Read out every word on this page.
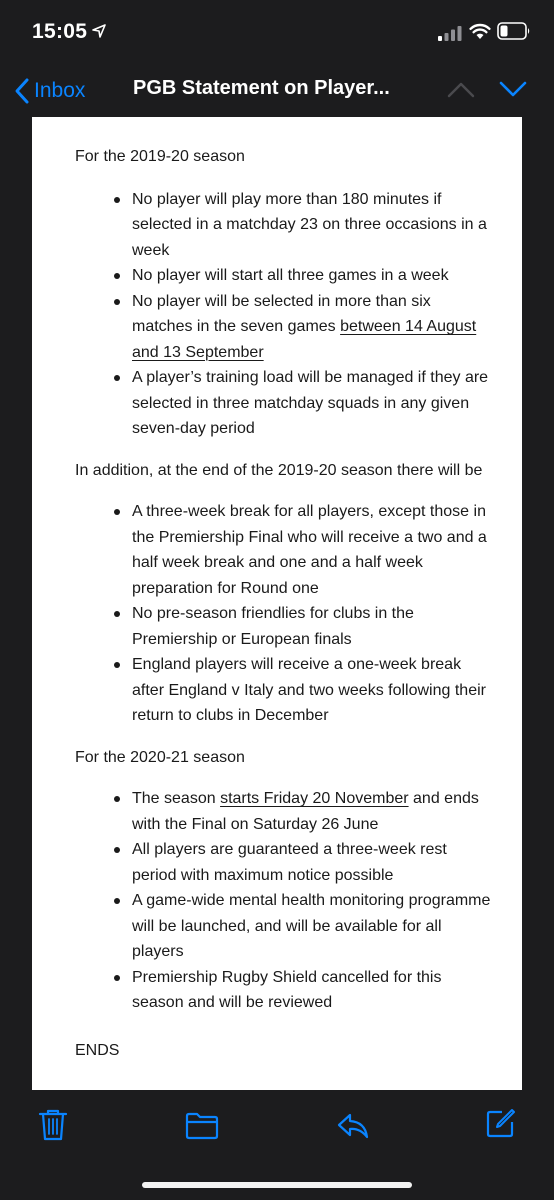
15:05
Inbox PGB Statement on Player...

For the 2019-20 season

No player will play more than 180 minutes if selected in a matchday 23 on three occasions in a week
No player will start all three games in a week
No player will be selected in more than six matches in the seven games between 14 August and 13 September
A player’s training load will be managed if they are selected in three matchday squads in any given seven-day period

In addition, at the end of the 2019-20 season there will be

A three-week break for all players, except those in the Premiership Final who will receive a two and a half week break and one and a half week preparation for Round one
No pre-season friendlies for clubs in the Premiership or European finals
England players will receive a one-week break after England v Italy and two weeks following their return to clubs in December

For the 2020-21 season

The season starts Friday 20 November and ends with the Final on Saturday 26 June
All players are guaranteed a three-week rest period with maximum notice possible
A game-wide mental health monitoring programme will be launched, and will be available for all players
Premiership Rugby Shield cancelled for this season and will be reviewed

ENDS
